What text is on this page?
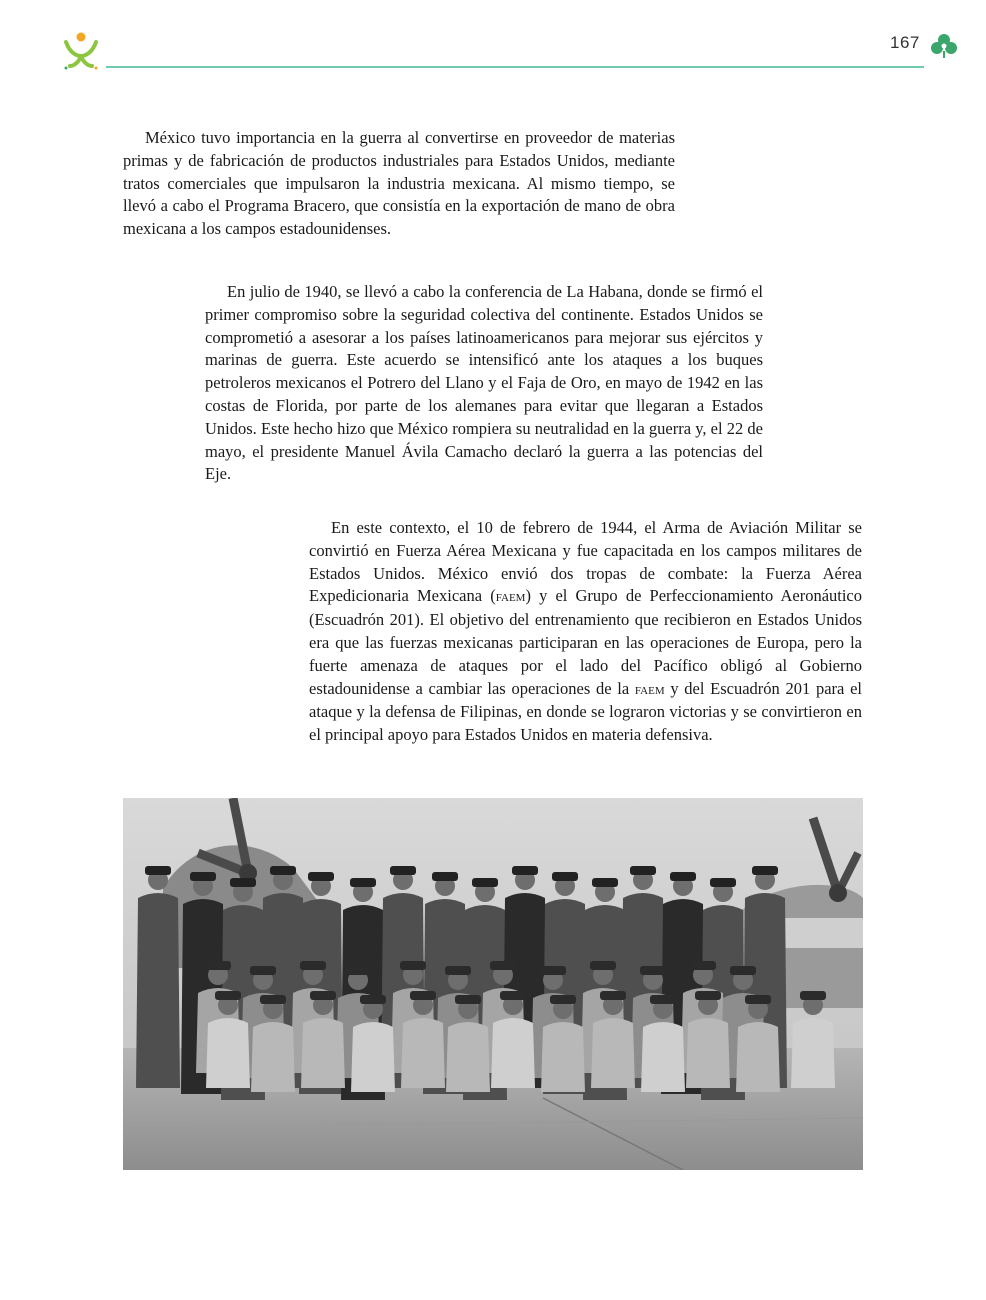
167

México tuvo importancia en la guerra al convertirse en proveedor de materias primas y de fabricación de productos industriales para Estados Unidos, mediante tratos comerciales que impulsaron la industria mexicana. Al mismo tiempo, se llevó a cabo el Programa Bracero, que consistía en la exportación de mano de obra mexicana a los campos estadounidenses.

En julio de 1940, se llevó a cabo la conferencia de La Habana, donde se firmó el primer compromiso sobre la seguridad colectiva del continente. Estados Unidos se comprometió a asesorar a los países latinoamericanos para mejorar sus ejércitos y marinas de guerra. Este acuerdo se intensificó ante los ataques a los buques petroleros mexicanos el Potrero del Llano y el Faja de Oro, en mayo de 1942 en las costas de Florida, por parte de los alemanes para evitar que llegaran a Estados Unidos. Este hecho hizo que México rompiera su neutralidad en la guerra y, el 22 de mayo, el presidente Manuel Ávila Camacho declaró la guerra a las potencias del Eje.

En este contexto, el 10 de febrero de 1944, el Arma de Aviación Militar se convirtió en Fuerza Aérea Mexicana y fue capacitada en los campos militares de Estados Unidos. México envió dos tropas de combate: la Fuerza Aérea Expedicionaria Mexicana (faem) y el Grupo de Perfeccionamiento Aeronáutico (Escuadrón 201). El objetivo del entrenamiento que recibieron en Estados Unidos era que las fuerzas mexicanas participaran en las operaciones de Europa, pero la fuerte amenaza de ataques por el lado del Pacífico obligó al Gobierno estadounidense a cambiar las operaciones de la faem y del Escuadrón 201 para el ataque y la defensa de Filipinas, en donde se lograron victorias y se convirtieron en el principal apoyo para Estados Unidos en materia defensiva.
